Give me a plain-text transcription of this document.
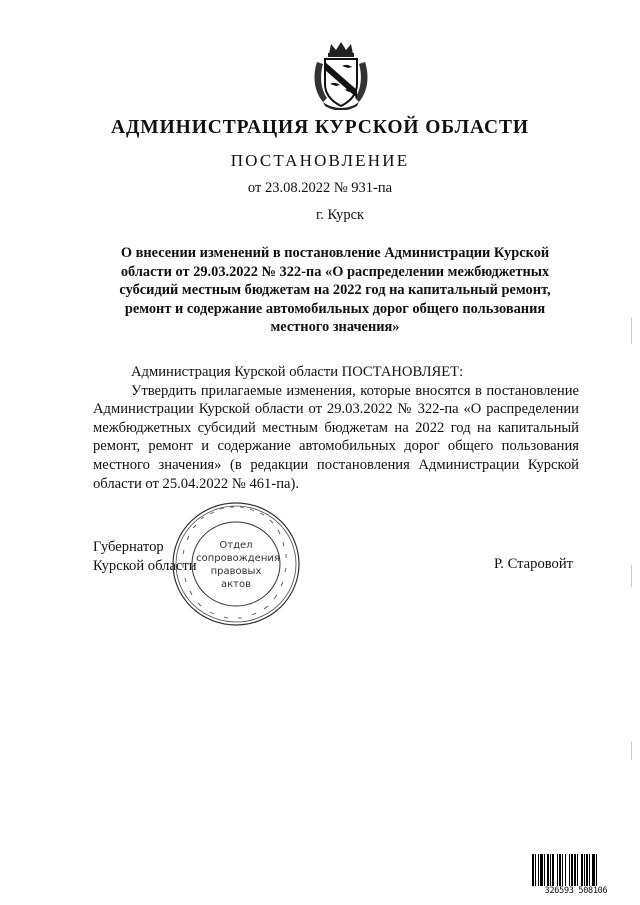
АДМИНИСТРАЦИЯ КУРСКОЙ ОБЛАСТИ
ПОСТАНОВЛЕНИЕ
от 23.08.2022 № 931-па
г. Курск
О внесении изменений в постановление Администрации Курской области от 29.03.2022 № 322-па «О распределении межбюджетных субсидий местным бюджетам на 2022 год на капитальный ремонт, ремонт и содержание автомобильных дорог общего пользования местного значения»

Администрация Курской области ПОСТАНОВЛЯЕТ:

Утвердить прилагаемые изменения, которые вносятся в постановление Администрации Курской области от 29.03.2022 № 322-па «О распределении межбюджетных субсидий местным бюджетам на 2022 год на капитальный ремонт, ремонт и содержание автомобильных дорог общего пользования местного значения» (в редакции постановления Администрации Курской области от 25.04.2022 № 461-па).

Губернатор
Курской области	Р. Старовойт
Отдел
сопровождения
правовых
актов
326593 508106
